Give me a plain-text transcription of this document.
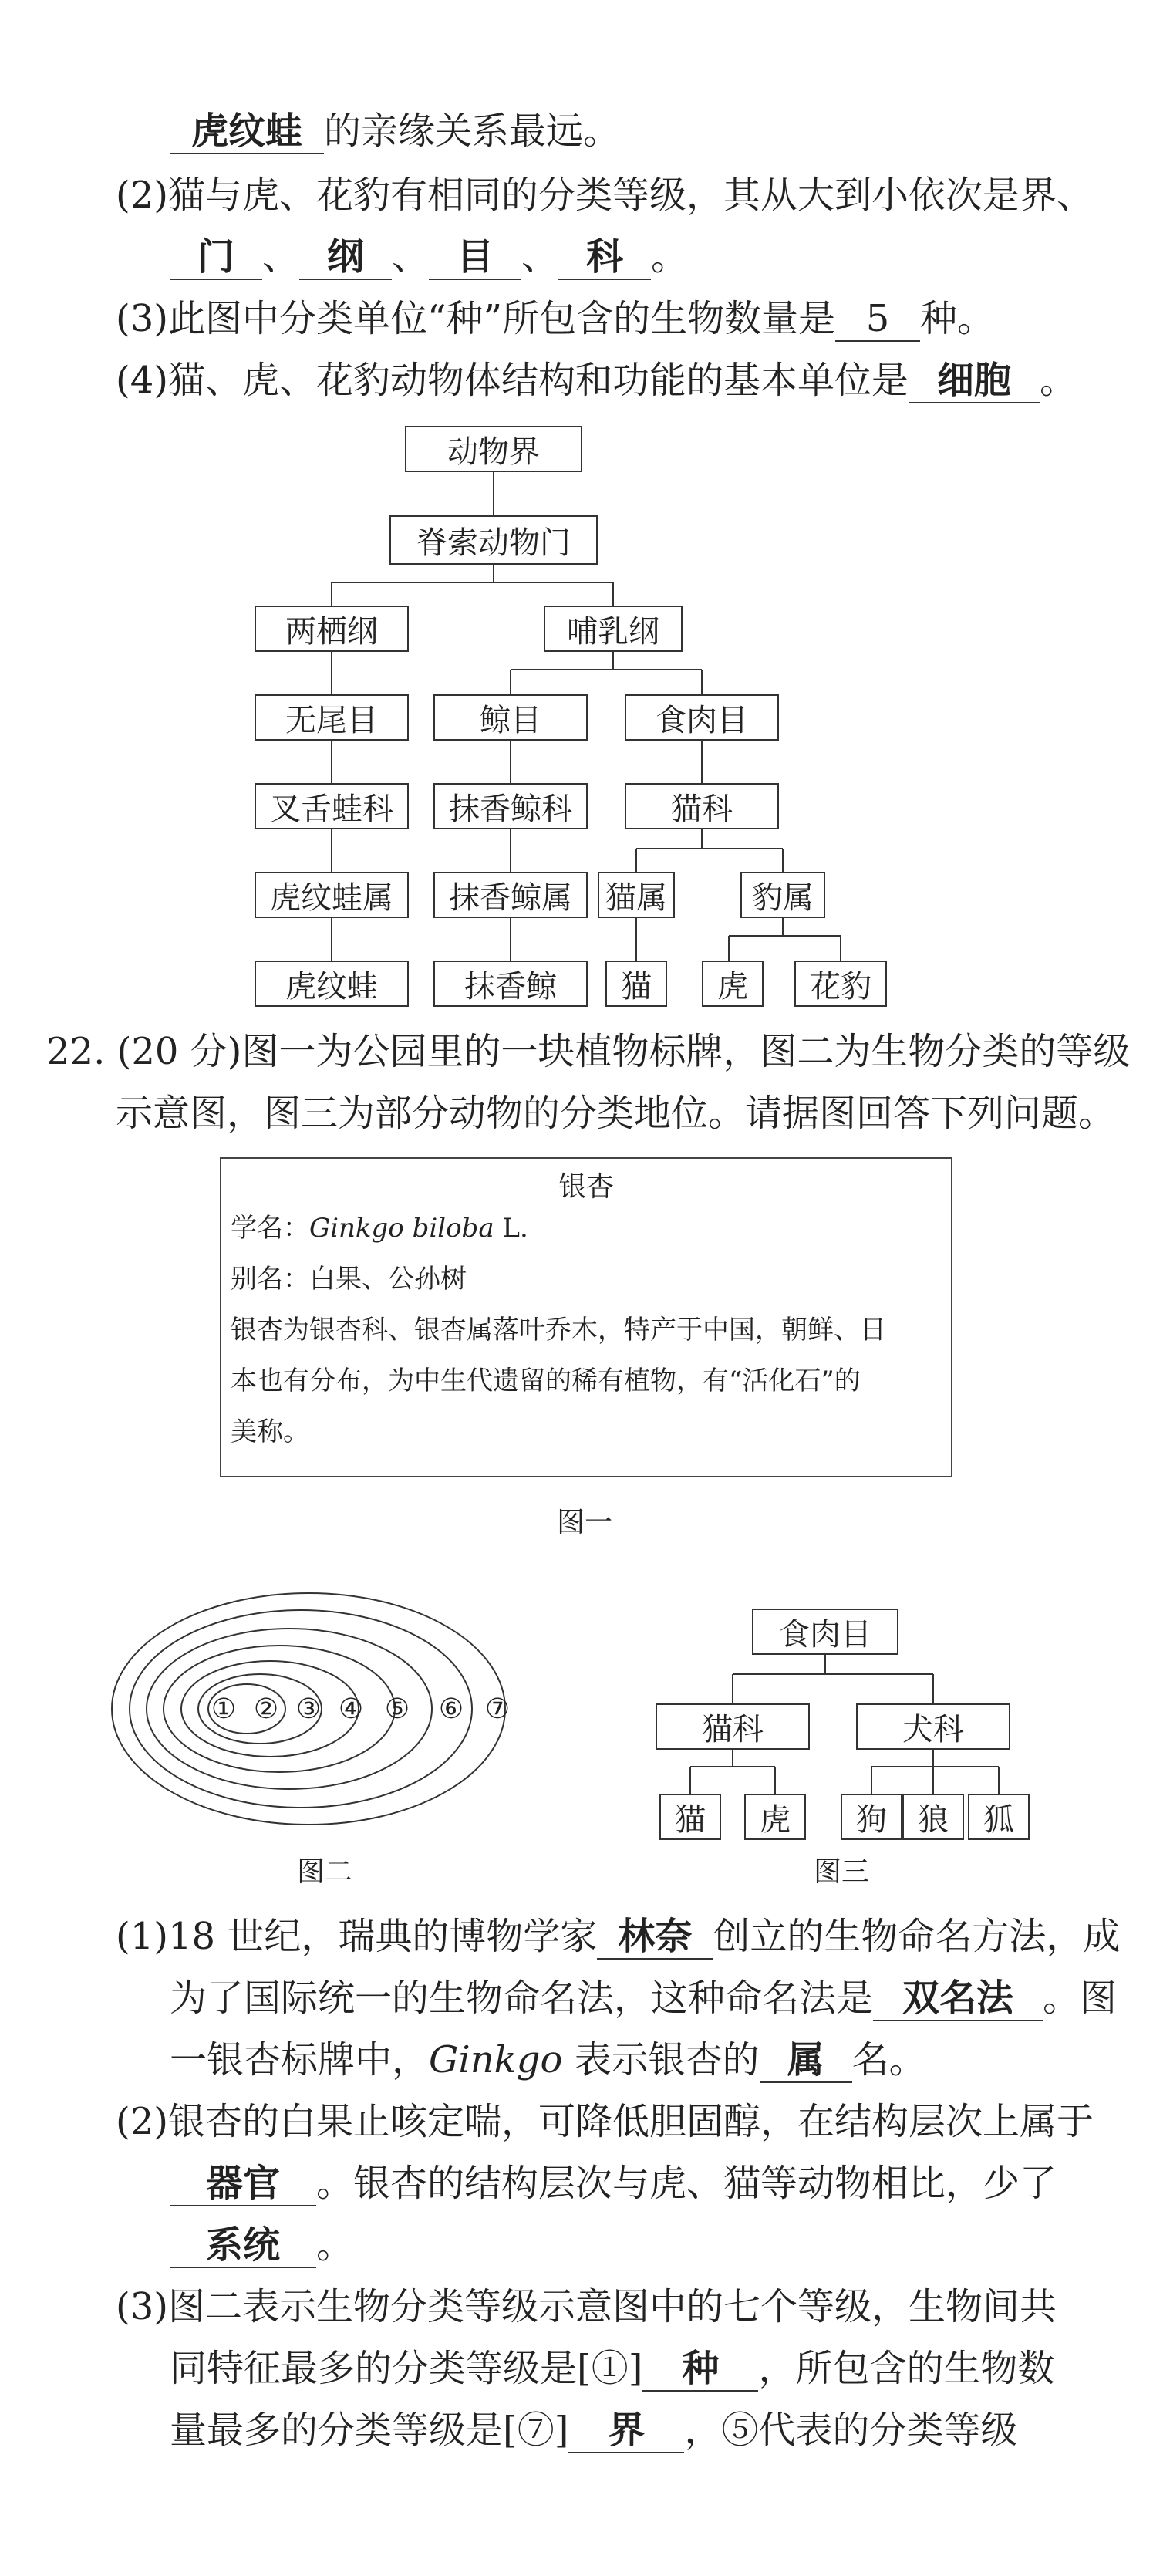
虎纹蛙 的亲缘关系最远。
(2)猫与虎、花豹有相同的分类等级，其从大到小依次是界、
门 、 纲 、 目 、 科 。
(3)此图中分类单位“种”所包含的生物数量是 5 种。
(4)猫、虎、花豹动物体结构和功能的基本单位是 细胞 。
动物界
脊索动物门
两栖纲	哺乳纲
无尾目	鲸目	食肉目
叉舌蛙科	抹香鲸科	猫科
虎纹蛙属	抹香鲸属	猫属	豹属
虎纹蛙	抹香鲸	猫	虎	花豹
22. (20 分)图一为公园里的一块植物标牌，图二为生物分类的等级
示意图，图三为部分动物的分类地位。请据图回答下列问题。
银杏
学名：Ginkgo biloba L.
别名：白果、公孙树
银杏为银杏科、银杏属落叶乔木，特产于中国，朝鲜、日
本也有分布，为中生代遗留的稀有植物，有“活化石”的
美称。
图一
① ② ③ ④ ⑤ ⑥ ⑦
图二
食肉目
猫科	犬科
猫	虎	狗	狼	狐
图三
(1)18 世纪，瑞典的博物学家 林奈 创立的生物命名方法，成
为了国际统一的生物命名法，这种命名法是 双名法 。图
一银杏标牌中，Ginkgo 表示银杏的 属 名。
(2)银杏的白果止咳定喘，可降低胆固醇，在结构层次上属于
器官 。银杏的结构层次与虎、猫等动物相比，少了
系统 。
(3)图二表示生物分类等级示意图中的七个等级，生物间共
同特征最多的分类等级是[①] 种 ，所包含的生物数
量最多的分类等级是[⑦] 界 ，⑤代表的分类等级
